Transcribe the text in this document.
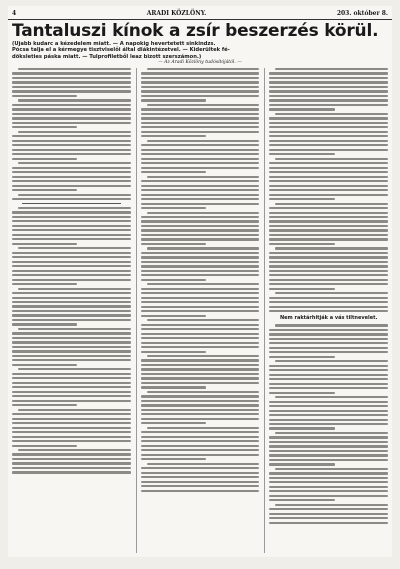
4	ARADI KÖZLÖNY.	203. október 8.
Tantaluszi kínok a zsír beszerzés körül.
(Ujabb kudarc a kézedelem miatt. — A napokig hevertetett sinkindzs.
Pócsa talja el a kérmegye tisztviselői által diákintézetvel. — Kiderültek fé-
döksleties páska miatt. — Tulprofiletből leaz bizott szerszámon.)
— Az Aradi Közlöny tudósítójától. —
Nem raktárhitják a vás tiltnevelet.
